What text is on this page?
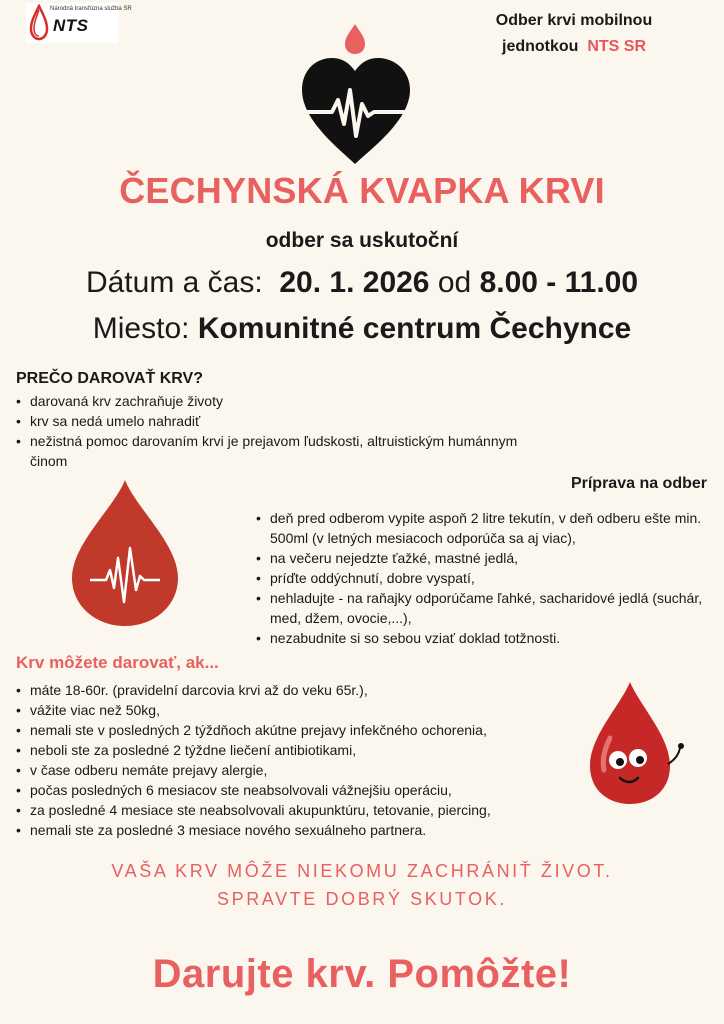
Národná transfúzna služba SR
NTS	Odber krvi mobilnou
jednotkou NTS SR
ČECHYNSKÁ KVAPKA KRVI
odber sa uskutoční
Dátum a čas: 20. 1. 2026 od 8.00 - 11.00
Miesto: Komunitné centrum Čechynce
PREČO DAROVAŤ KRV?
• darovaná krv zachraňuje životy
• krv sa nedá umelo nahradiť
• nežistná pomoc darovaním krvi je prejavom ľudskosti, altruistickým humánnym činom
Príprava na odber
• deň pred odberom vypite aspoň 2 litre tekutín, v deň odberu ešte min. 500ml (v letných mesiacoch odporúča sa aj viac),
• na večeru nejedzte ťažké, mastné jedlá,
• príďte oddýchnutí, dobre vyspatí,
• nehladujte - na raňajky odporúčame ľahké, sacharidové jedlá (suchár, med, džem, ovocie,...),
• nezabudnite si so sebou vziať doklad totžnosti.
Krv môžete darovať, ak...
• máte 18-60r. (pravidelní darcovia krvi až do veku 65r.),
• vážite viac než 50kg,
• nemali ste v posledných 2 týždňoch akútne prejavy infekčného ochorenia,
• neboli ste za posledné 2 týždne liečení antibiotikami,
• v čase odberu nemáte prejavy alergie,
• počas posledných 6 mesiacov ste neabsolvovali vážnejšiu operáciu,
• za posledné 4 mesiace ste neabsolvovali akupunktúru, tetovanie, piercing,
• nemali ste za posledné 3 mesiace nového sexuálneho partnera.
VAŠA KRV MÔŽE NIEKOMU ZACHRÁNIŤ ŽIVOT.
SPRAVTE DOBRÝ SKUTOK.
Darujte krv. Pomôžte!
